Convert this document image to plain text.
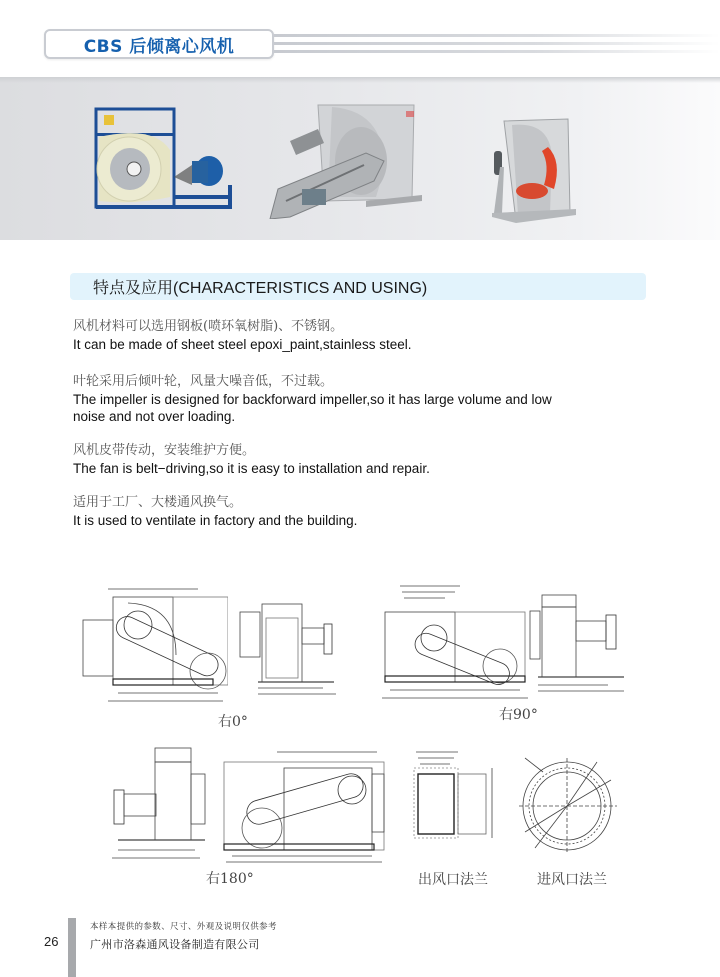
CBS 后倾离心风机
特点及应用(CHARACTERISTICS AND USING)
风机材料可以选用钢板(喷环氧树脂)、不锈钢。
It can be made of sheet steel epoxi_paint,stainless steel.
叶轮采用后倾叶轮，风量大噪音低，不过载。
The impeller is designed for backforward impeller,so it has large volume and low
noise and not over loading.
风机皮带传动，安装维护方便。
The fan is belt−driving,so it is easy to installation and repair.
适用于工厂、大楼通风换气。
It is used to ventilate in factory and the building.
右0°	右90°
右180°	出风口法兰	进风口法兰
26
本样本提供的参数、尺寸、外观及说明仅供参考
广州市洛森通风设备制造有限公司
